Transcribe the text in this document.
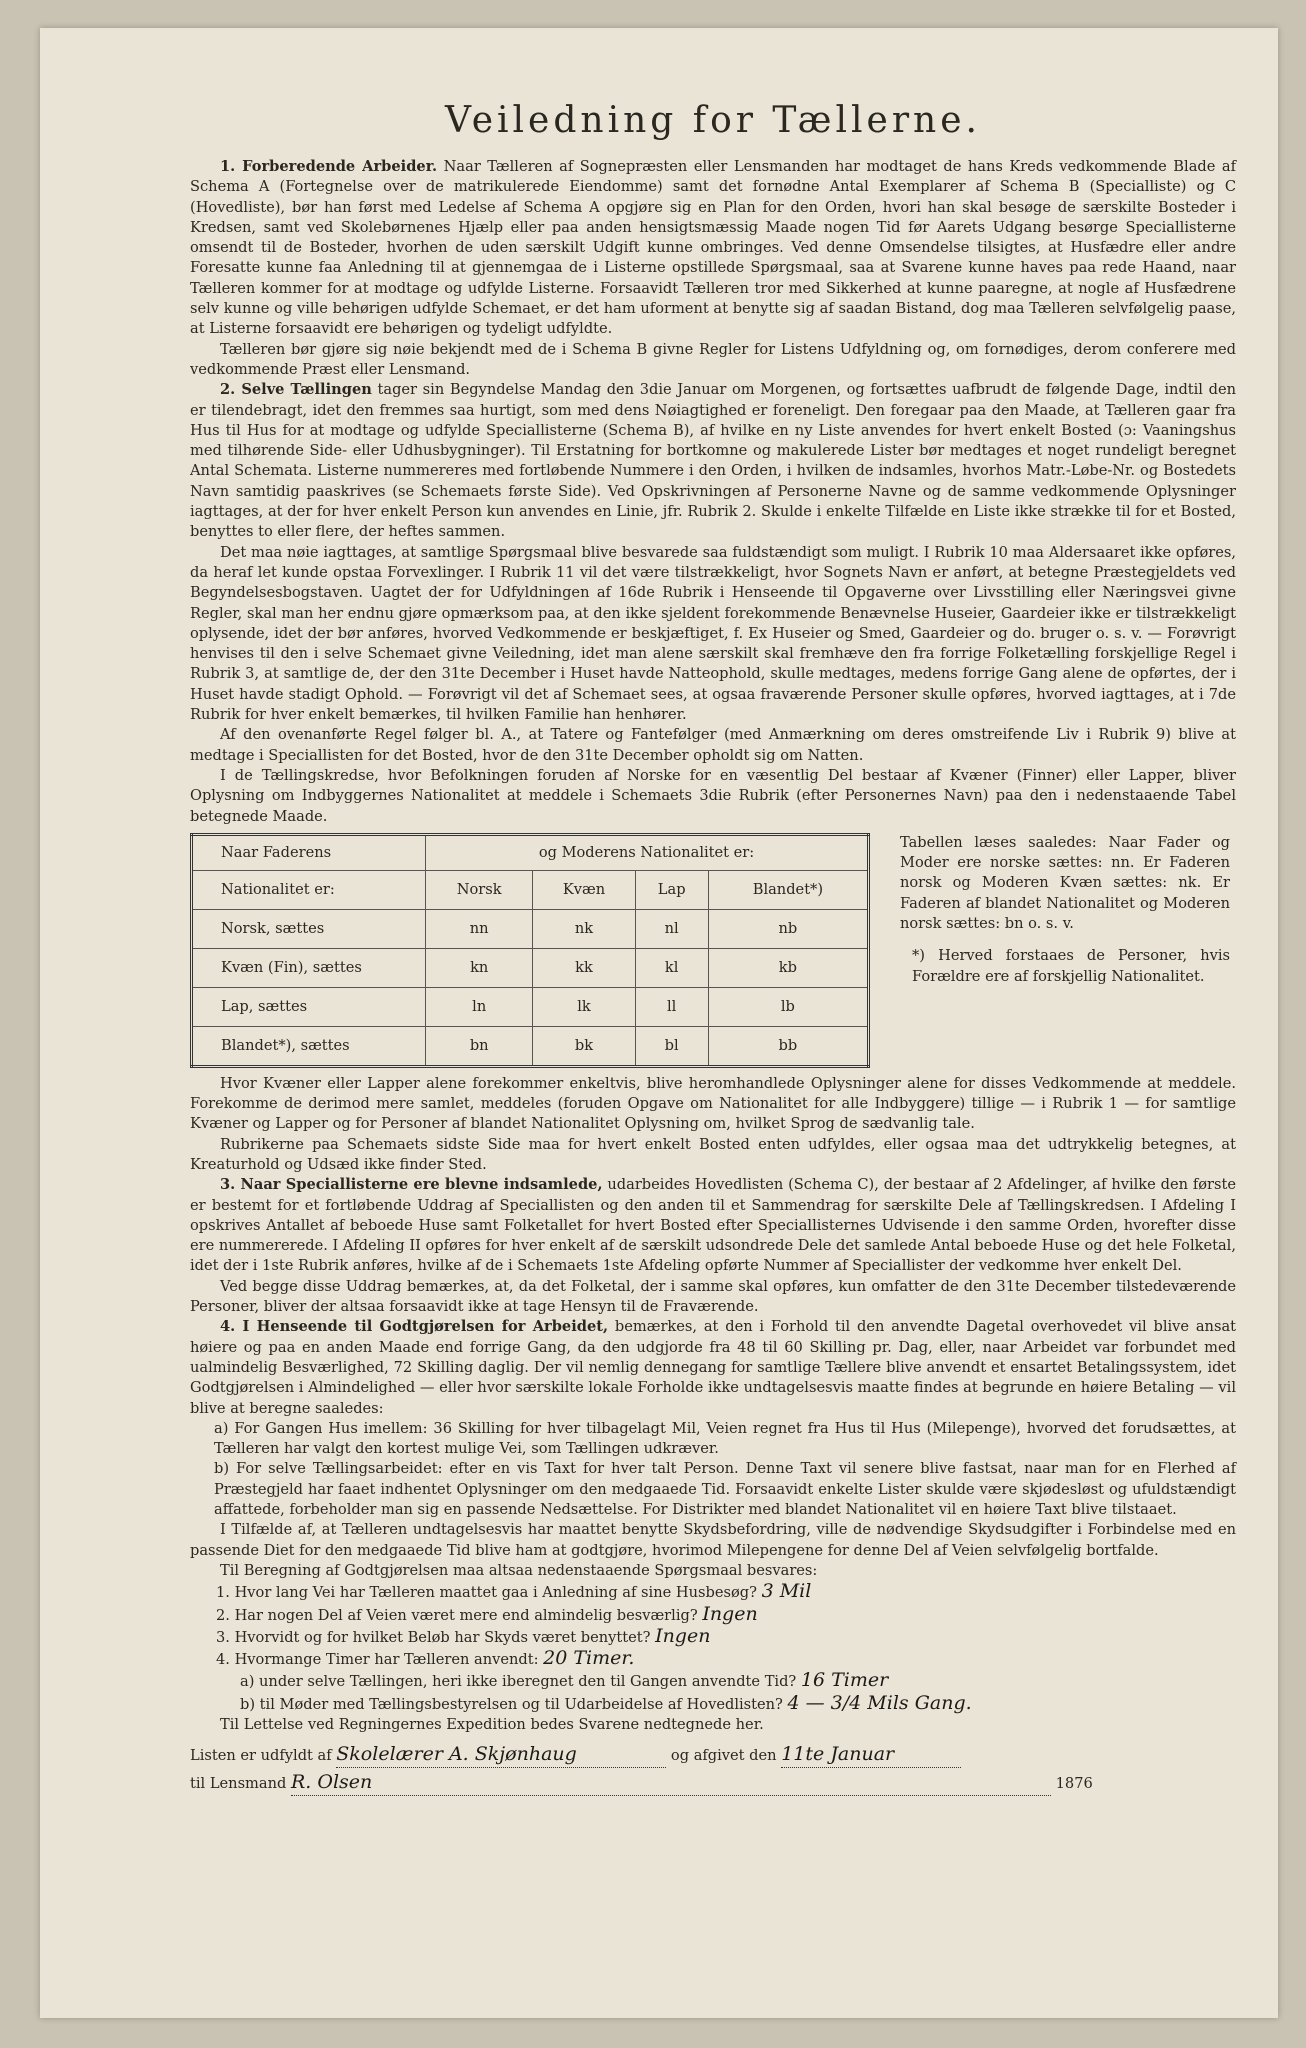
Veiledning for Tællerne.

1. Forberedende Arbeider. Naar Tælleren af Sognepræsten eller Lensmanden har modtaget de hans Kreds vedkommende Blade af Schema A (Fortegnelse over de matrikulerede Eiendomme) samt det fornødne Antal Exemplarer af Schema B (Specialliste) og C (Hovedliste), bør han først med Ledelse af Schema A opgjøre sig en Plan for den Orden, hvori han skal besøge de særskilte Bosteder i Kredsen, samt ved Skolebørnenes Hjælp eller paa anden hensigtsmæssig Maade nogen Tid før Aarets Udgang besørge Speciallisterne omsendt til de Bosteder, hvorhen de uden særskilt Udgift kunne ombringes. Ved denne Omsendelse tilsigtes, at Husfædre eller andre Foresatte kunne faa Anledning til at gjennemgaa de i Listerne opstillede Spørgsmaal, saa at Svarene kunne haves paa rede Haand, naar Tælleren kommer for at modtage og udfylde Listerne. Forsaavidt Tælleren tror med Sikkerhed at kunne paaregne, at nogle af Husfædrene selv kunne og ville behørigen udfylde Schemaet, er det ham uforment at benytte sig af saadan Bistand, dog maa Tælleren selvfølgelig paase, at Listerne forsaavidt ere behørigen og tydeligt udfyldte.

Tælleren bør gjøre sig nøie bekjendt med de i Schema B givne Regler for Listens Udfyldning og, om fornødiges, derom conferere med vedkommende Præst eller Lensmand.

2. Selve Tællingen tager sin Begyndelse Mandag den 3die Januar om Morgenen, og fortsættes uafbrudt de følgende Dage, indtil den er tilendebragt, idet den fremmes saa hurtigt, som med dens Nøiagtighed er foreneligt. Den foregaar paa den Maade, at Tælleren gaar fra Hus til Hus for at modtage og udfylde Speciallisterne (Schema B), af hvilke en ny Liste anvendes for hvert enkelt Bosted (ɔ: Vaaningshus med tilhørende Side- eller Udhusbygninger). Til Erstatning for bortkomne og makulerede Lister bør medtages et noget rundeligt beregnet Antal Schemata. Listerne nummereres med fortløbende Nummere i den Orden, i hvilken de indsamles, hvorhos Matr.-Løbe-Nr. og Bostedets Navn samtidig paaskrives (se Schemaets første Side). Ved Opskrivningen af Personerne Navne og de samme vedkommende Oplysninger iagttages, at der for hver enkelt Person kun anvendes en Linie, jfr. Rubrik 2. Skulde i enkelte Tilfælde en Liste ikke strække til for et Bosted, benyttes to eller flere, der heftes sammen.

Det maa nøie iagttages, at samtlige Spørgsmaal blive besvarede saa fuldstændigt som muligt. I Rubrik 10 maa Aldersaaret ikke opføres, da heraf let kunde opstaa Forvexlinger. I Rubrik 11 vil det være tilstrækkeligt, hvor Sognets Navn er anført, at betegne Præstegjeldets ved Begyndelsesbogstaven. Uagtet der for Udfyldningen af 16de Rubrik i Henseende til Opgaverne over Livsstilling eller Næringsvei givne Regler, skal man her endnu gjøre opmærksom paa, at den ikke sjeldent forekommende Benævnelse Huseier, Gaardeier ikke er tilstrækkeligt oplysende, idet der bør anføres, hvorved Vedkommende er beskjæftiget, f. Ex Huseier og Smed, Gaardeier og do. bruger o. s. v. — Forøvrigt henvises til den i selve Schemaet givne Veiledning, idet man alene særskilt skal fremhæve den fra forrige Folketælling forskjellige Regel i Rubrik 3, at samtlige de, der den 31te December i Huset havde Natteophold, skulle medtages, medens forrige Gang alene de opførtes, der i Huset havde stadigt Ophold. — Forøvrigt vil det af Schemaet sees, at ogsaa fraværende Personer skulle opføres, hvorved iagttages, at i 7de Rubrik for hver enkelt bemærkes, til hvilken Familie han henhører.

Af den ovenanførte Regel følger bl. A., at Tatere og Fantefølger (med Anmærkning om deres omstreifende Liv i Rubrik 9) blive at medtage i Speciallisten for det Bosted, hvor de den 31te December opholdt sig om Natten.

I de Tællingskredse, hvor Befolkningen foruden af Norske for en væsentlig Del bestaar af Kvæner (Finner) eller Lapper, bliver Oplysning om Indbyggernes Nationalitet at meddele i Schemaets 3die Rubrik (efter Personernes Navn) paa den i nedenstaaende Tabel betegnede Maade.

Naar Faderens	og Moderens Nationalitet er:			
Nationalitet er:	Norsk	Kvæn	Lap	Blandet*)
Norsk, sættes	nn	nk	nl	nb
Kvæn (Fin), sættes	kn	kk	kl	kb
Lap, sættes	ln	lk	ll	lb
Blandet*), sættes	bn	bk	bl	bb

Tabellen læses saaledes: Naar Fader og Moder ere norske sættes: nn. Er Faderen norsk og Moderen Kvæn sættes: nk. Er Faderen af blandet Nationalitet og Moderen norsk sættes: bn o. s. v.

*) Herved forstaaes de Personer, hvis Forældre ere af forskjellig Nationalitet.

Hvor Kvæner eller Lapper alene forekommer enkeltvis, blive heromhandlede Oplysninger alene for disses Vedkommende at meddele. Forekomme de derimod mere samlet, meddeles (foruden Opgave om Nationalitet for alle Indbyggere) tillige — i Rubrik 1 — for samtlige Kvæner og Lapper og for Personer af blandet Nationalitet Oplysning om, hvilket Sprog de sædvanlig tale.

Rubrikerne paa Schemaets sidste Side maa for hvert enkelt Bosted enten udfyldes, eller ogsaa maa det udtrykkelig betegnes, at Kreaturhold og Udsæd ikke finder Sted.

3. Naar Speciallisterne ere blevne indsamlede, udarbeides Hovedlisten (Schema C), der bestaar af 2 Afdelinger, af hvilke den første er bestemt for et fortløbende Uddrag af Speciallisten og den anden til et Sammendrag for særskilte Dele af Tællingskredsen. I Afdeling I opskrives Antallet af beboede Huse samt Folketallet for hvert Bosted efter Speciallisternes Udvisende i den samme Orden, hvorefter disse ere nummererede. I Afdeling II opføres for hver enkelt af de særskilt udsondrede Dele det samlede Antal beboede Huse og det hele Folketal, idet der i 1ste Rubrik anføres, hvilke af de i Schemaets 1ste Afdeling opførte Nummer af Speciallister der vedkomme hver enkelt Del.

Ved begge disse Uddrag bemærkes, at, da det Folketal, der i samme skal opføres, kun omfatter de den 31te December tilstedeværende Personer, bliver der altsaa forsaavidt ikke at tage Hensyn til de Fraværende.

4. I Henseende til Godtgjørelsen for Arbeidet, bemærkes, at den i Forhold til den anvendte Dagetal overhovedet vil blive ansat høiere og paa en anden Maade end forrige Gang, da den udgjorde fra 48 til 60 Skilling pr. Dag, eller, naar Arbeidet var forbundet med ualmindelig Besværlighed, 72 Skilling daglig. Der vil nemlig dennegang for samtlige Tællere blive anvendt et ensartet Betalingssystem, idet Godtgjørelsen i Almindelighed — eller hvor særskilte lokale Forholde ikke undtagelsesvis maatte findes at begrunde en høiere Betaling — vil blive at beregne saaledes:

a) For Gangen Hus imellem: 36 Skilling for hver tilbagelagt Mil, Veien regnet fra Hus til Hus (Milepenge), hvorved det forudsættes, at Tælleren har valgt den kortest mulige Vei, som Tællingen udkræver.

b) For selve Tællingsarbeidet: efter en vis Taxt for hver talt Person. Denne Taxt vil senere blive fastsat, naar man for en Flerhed af Præstegjeld har faaet indhentet Oplysninger om den medgaaede Tid. Forsaavidt enkelte Lister skulde være skjødesløst og ufuldstændigt affattede, forbeholder man sig en passende Nedsættelse. For Distrikter med blandet Nationalitet vil en høiere Taxt blive tilstaaet.

I Tilfælde af, at Tælleren undtagelsesvis har maattet benytte Skydsbefordring, ville de nødvendige Skydsudgifter i Forbindelse med en passende Diet for den medgaaede Tid blive ham at godtgjøre, hvorimod Milepengene for denne Del af Veien selvfølgelig bortfalde.

Til Beregning af Godtgjørelsen maa altsaa nedenstaaende Spørgsmaal besvares:

1. Hvor lang Vei har Tælleren maattet gaa i Anledning af sine Husbesøg? 3 Mil

2. Har nogen Del af Veien været mere end almindelig besværlig? Ingen

3. Hvorvidt og for hvilket Beløb har Skyds været benyttet? Ingen

4. Hvormange Timer har Tælleren anvendt: 20 Timer.

a) under selve Tællingen, heri ikke iberegnet den til Gangen anvendte Tid? 16 Timer

b) til Møder med Tællingsbestyrelsen og til Udarbeidelse af Hovedlisten? 4 — 3/4 Mils Gang.

Til Lettelse ved Regningernes Expedition bedes Svarene nedtegnede her.

Listen er udfyldt af Skolelærer A. Skjønhaug	og afgivet den 11te Januar
til Lensmand R. Olsen	1876
